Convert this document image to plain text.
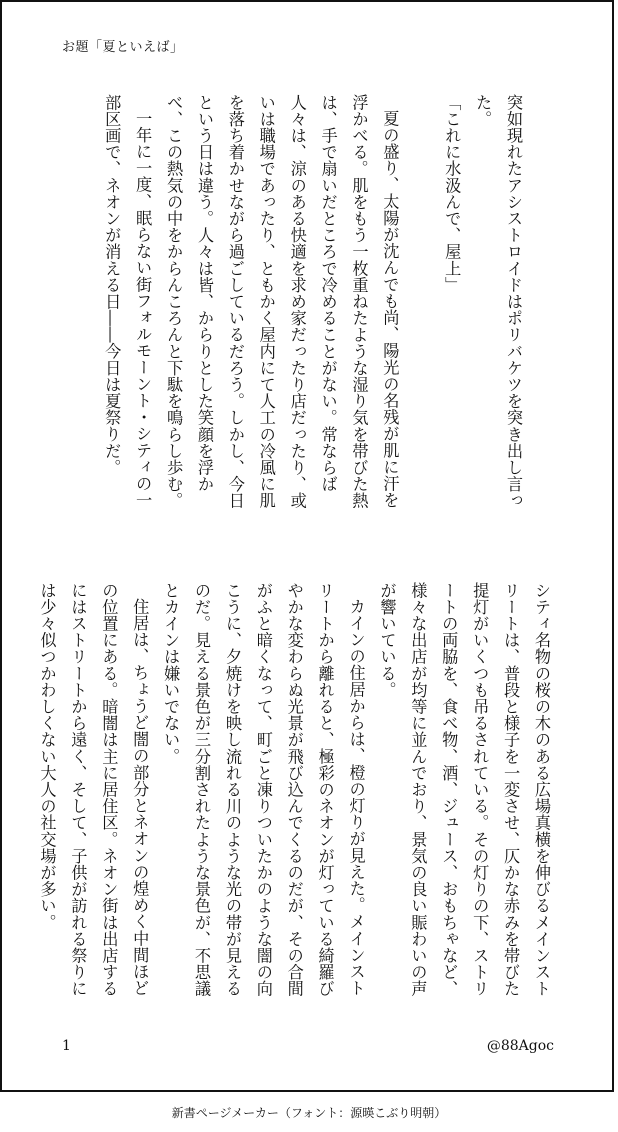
お題「夏といえば」

突如現れたアシストロイドはポリバケツを突き出し言った。

「これに水汲んで、屋上」

夏の盛り、太陽が沈んでも尚、陽光の名残が肌に汗を浮かべる。肌をもう一枚重ねたような湿り気を帯びた熱は、手で扇いだところで冷めることがない。常ならば人々は、涼のある快適を求め家だったり店だったり、或いは職場であったり、ともかく屋内にて人工の冷風に肌を落ち着かせながら過ごしているだろう。しかし、今日という日は違う。人々は皆、からりとした笑顔を浮かべ、この熱気の中をからんころんと下駄を鳴らし歩む。

一年に一度、眠らない街フォルモーント・シティの一部区画で、ネオンが消える日――今日は夏祭りだ。

シティ名物の桜の木のある広場真横を伸びるメインストリートは、普段と様子を一変させ、仄かな赤みを帯びた提灯がいくつも吊るされている。その灯りの下、ストリートの両脇を、食べ物、酒、ジュース、おもちゃなど、様々な出店が均等に並んでおり、景気の良い賑わいの声が響いている。

カインの住居からは、橙の灯りが見えた。メインストリートから離れると、極彩のネオンが灯っている綺羅びやかな変わらぬ光景が飛び込んでくるのだが、その合間がふと暗くなって、町ごと凍りついたかのような闇の向こうに、夕焼けを映し流れる川のような光の帯が見えるのだ。見える景色が三分割されたような景色が、不思議とカインは嫌いでない。

住居は、ちょうど闇の部分とネオンの煌めく中間ほどの位置にある。暗闇は主に居住区。ネオン街は出店するにはストリートから遠く、そして、子供が訪れる祭りには少々似つかわしくない大人の社交場が多い。

1	@88Agoc
新書ページメーカー（フォント：源暎こぶり明朝）
